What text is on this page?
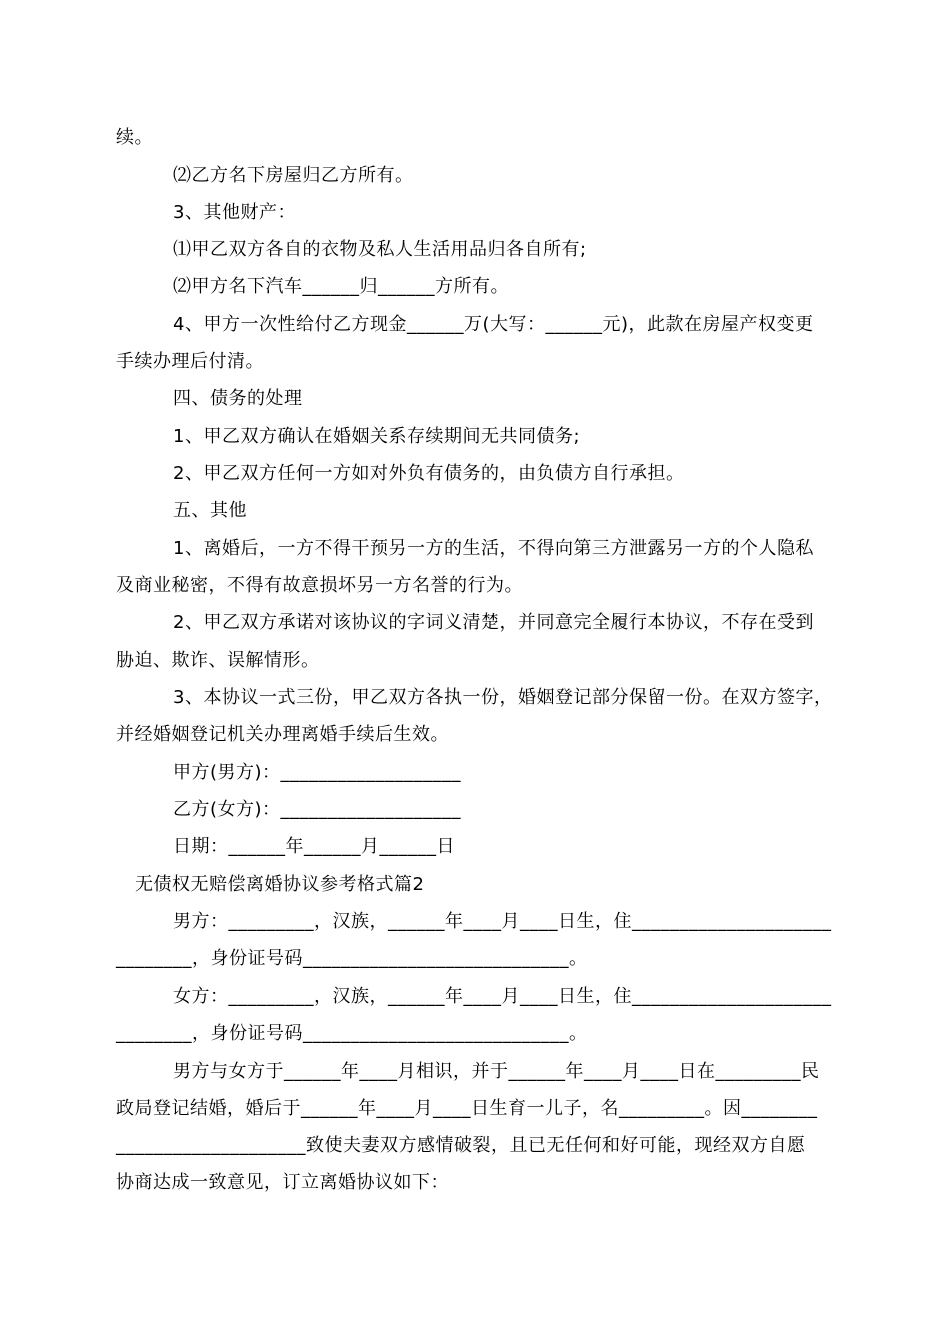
续。
⑵乙方名下房屋归乙方所有。
3、其他财产：
⑴甲乙双方各自的衣物及私人生活用品归各自所有;
⑵甲方名下汽车______归______方所有。
4、甲方一次性给付乙方现金______万(大写：______元)，此款在房屋产权变更
手续办理后付清。
四、债务的处理
1、甲乙双方确认在婚姻关系存续期间无共同债务;
2、甲乙双方任何一方如对外负有债务的，由负债方自行承担。
五、其他
1、离婚后，一方不得干预另一方的生活，不得向第三方泄露另一方的个人隐私
及商业秘密，不得有故意损坏另一方名誉的行为。
2、甲乙双方承诺对该协议的字词义清楚，并同意完全履行本协议，不存在受到
胁迫、欺诈、误解情形。
3、本协议一式三份，甲乙双方各执一份，婚姻登记部分保留一份。在双方签字，
并经婚姻登记机关办理离婚手续后生效。
甲方(男方)：___________________
乙方(女方)：___________________
日期：______年______月______日
无债权无赔偿离婚协议参考格式篇2
男方：_________，汉族，______年____月____日生，住_____________________
________，身份证号码____________________________。
女方：_________，汉族，______年____月____日生，住_____________________
________，身份证号码____________________________。
男方与女方于______年____月相识，并于______年____月____日在_________民
政局登记结婚，婚后于______年____月____日生育一儿子，名_________。因________
____________________致使夫妻双方感情破裂，且已无任何和好可能，现经双方自愿
协商达成一致意见，订立离婚协议如下：
